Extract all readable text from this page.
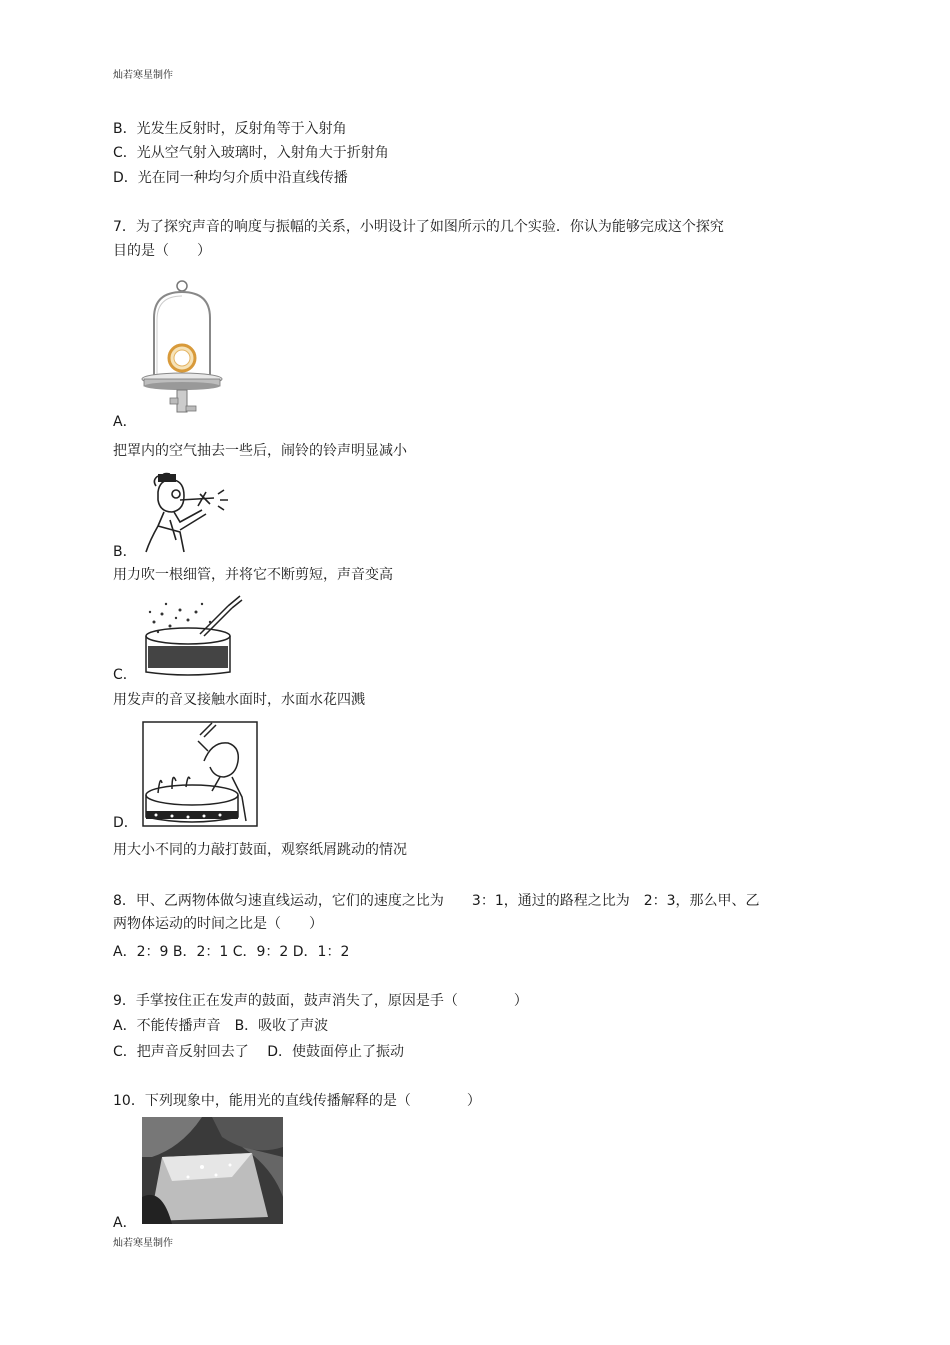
灿若寒星制作
B．光发生反射时，反射角等于入射角
C．光从空气射入玻璃时，入射角大于折射角
D．光在同一种均匀介质中沿直线传播
7．为了探究声音的响度与振幅的关系，小明设计了如图所示的几个实验．你认为能够完成这个探究
目的是（　　）
A．
把罩内的空气抽去一些后，闹铃的铃声明显减小
B．
用力吹一根细管，并将它不断剪短，声音变高
C．
用发声的音叉接触水面时，水面水花四溅
D．
用大小不同的力敲打鼓面，观察纸屑跳动的情况
8．甲、乙两物体做匀速直线运动，它们的速度之比为　　3：1，通过的路程之比为　2：3，那么甲、乙
两物体运动的时间之比是（　　）
A．2：9 B．2：1 C．9：2 D．1：2
9．手掌按住正在发声的鼓面，鼓声消失了，原因是手（　　　　）
A．不能传播声音　B．吸收了声波
C．把声音反射回去了　 D．使鼓面停止了振动
10．下列现象中，能用光的直线传播解释的是（　　　　）
A．
灿若寒星制作
